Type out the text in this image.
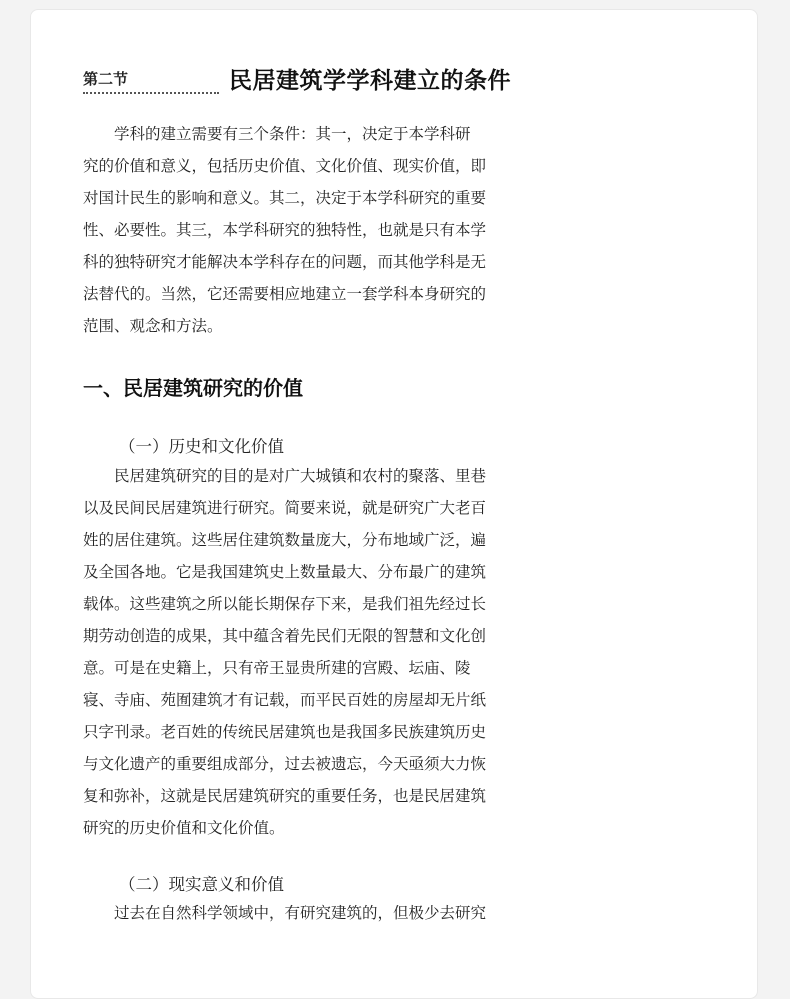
第二节	民居建筑学学科建立的条件
学科的建立需要有三个条件：其一，决定于本学科研
究的价值和意义，包括历史价值、文化价值、现实价值，即
对国计民生的影响和意义。其二，决定于本学科研究的重要
性、必要性。其三，本学科研究的独特性，也就是只有本学
科的独特研究才能解决本学科存在的问题，而其他学科是无
法替代的。当然，它还需要相应地建立一套学科本身研究的
范围、观念和方法。
一、民居建筑研究的价值
（一）历史和文化价值
民居建筑研究的目的是对广大城镇和农村的聚落、里巷
以及民间民居建筑进行研究。简要来说，就是研究广大老百
姓的居住建筑。这些居住建筑数量庞大，分布地域广泛，遍
及全国各地。它是我国建筑史上数量最大、分布最广的建筑
载体。这些建筑之所以能长期保存下来，是我们祖先经过长
期劳动创造的成果，其中蕴含着先民们无限的智慧和文化创
意。可是在史籍上，只有帝王显贵所建的宫殿、坛庙、陵
寝、寺庙、苑囿建筑才有记载，而平民百姓的房屋却无片纸
只字刊录。老百姓的传统民居建筑也是我国多民族建筑历史
与文化遗产的重要组成部分，过去被遗忘，今天亟须大力恢
复和弥补，这就是民居建筑研究的重要任务，也是民居建筑
研究的历史价值和文化价值。
（二）现实意义和价值
过去在自然科学领域中，有研究建筑的，但极少去研究
